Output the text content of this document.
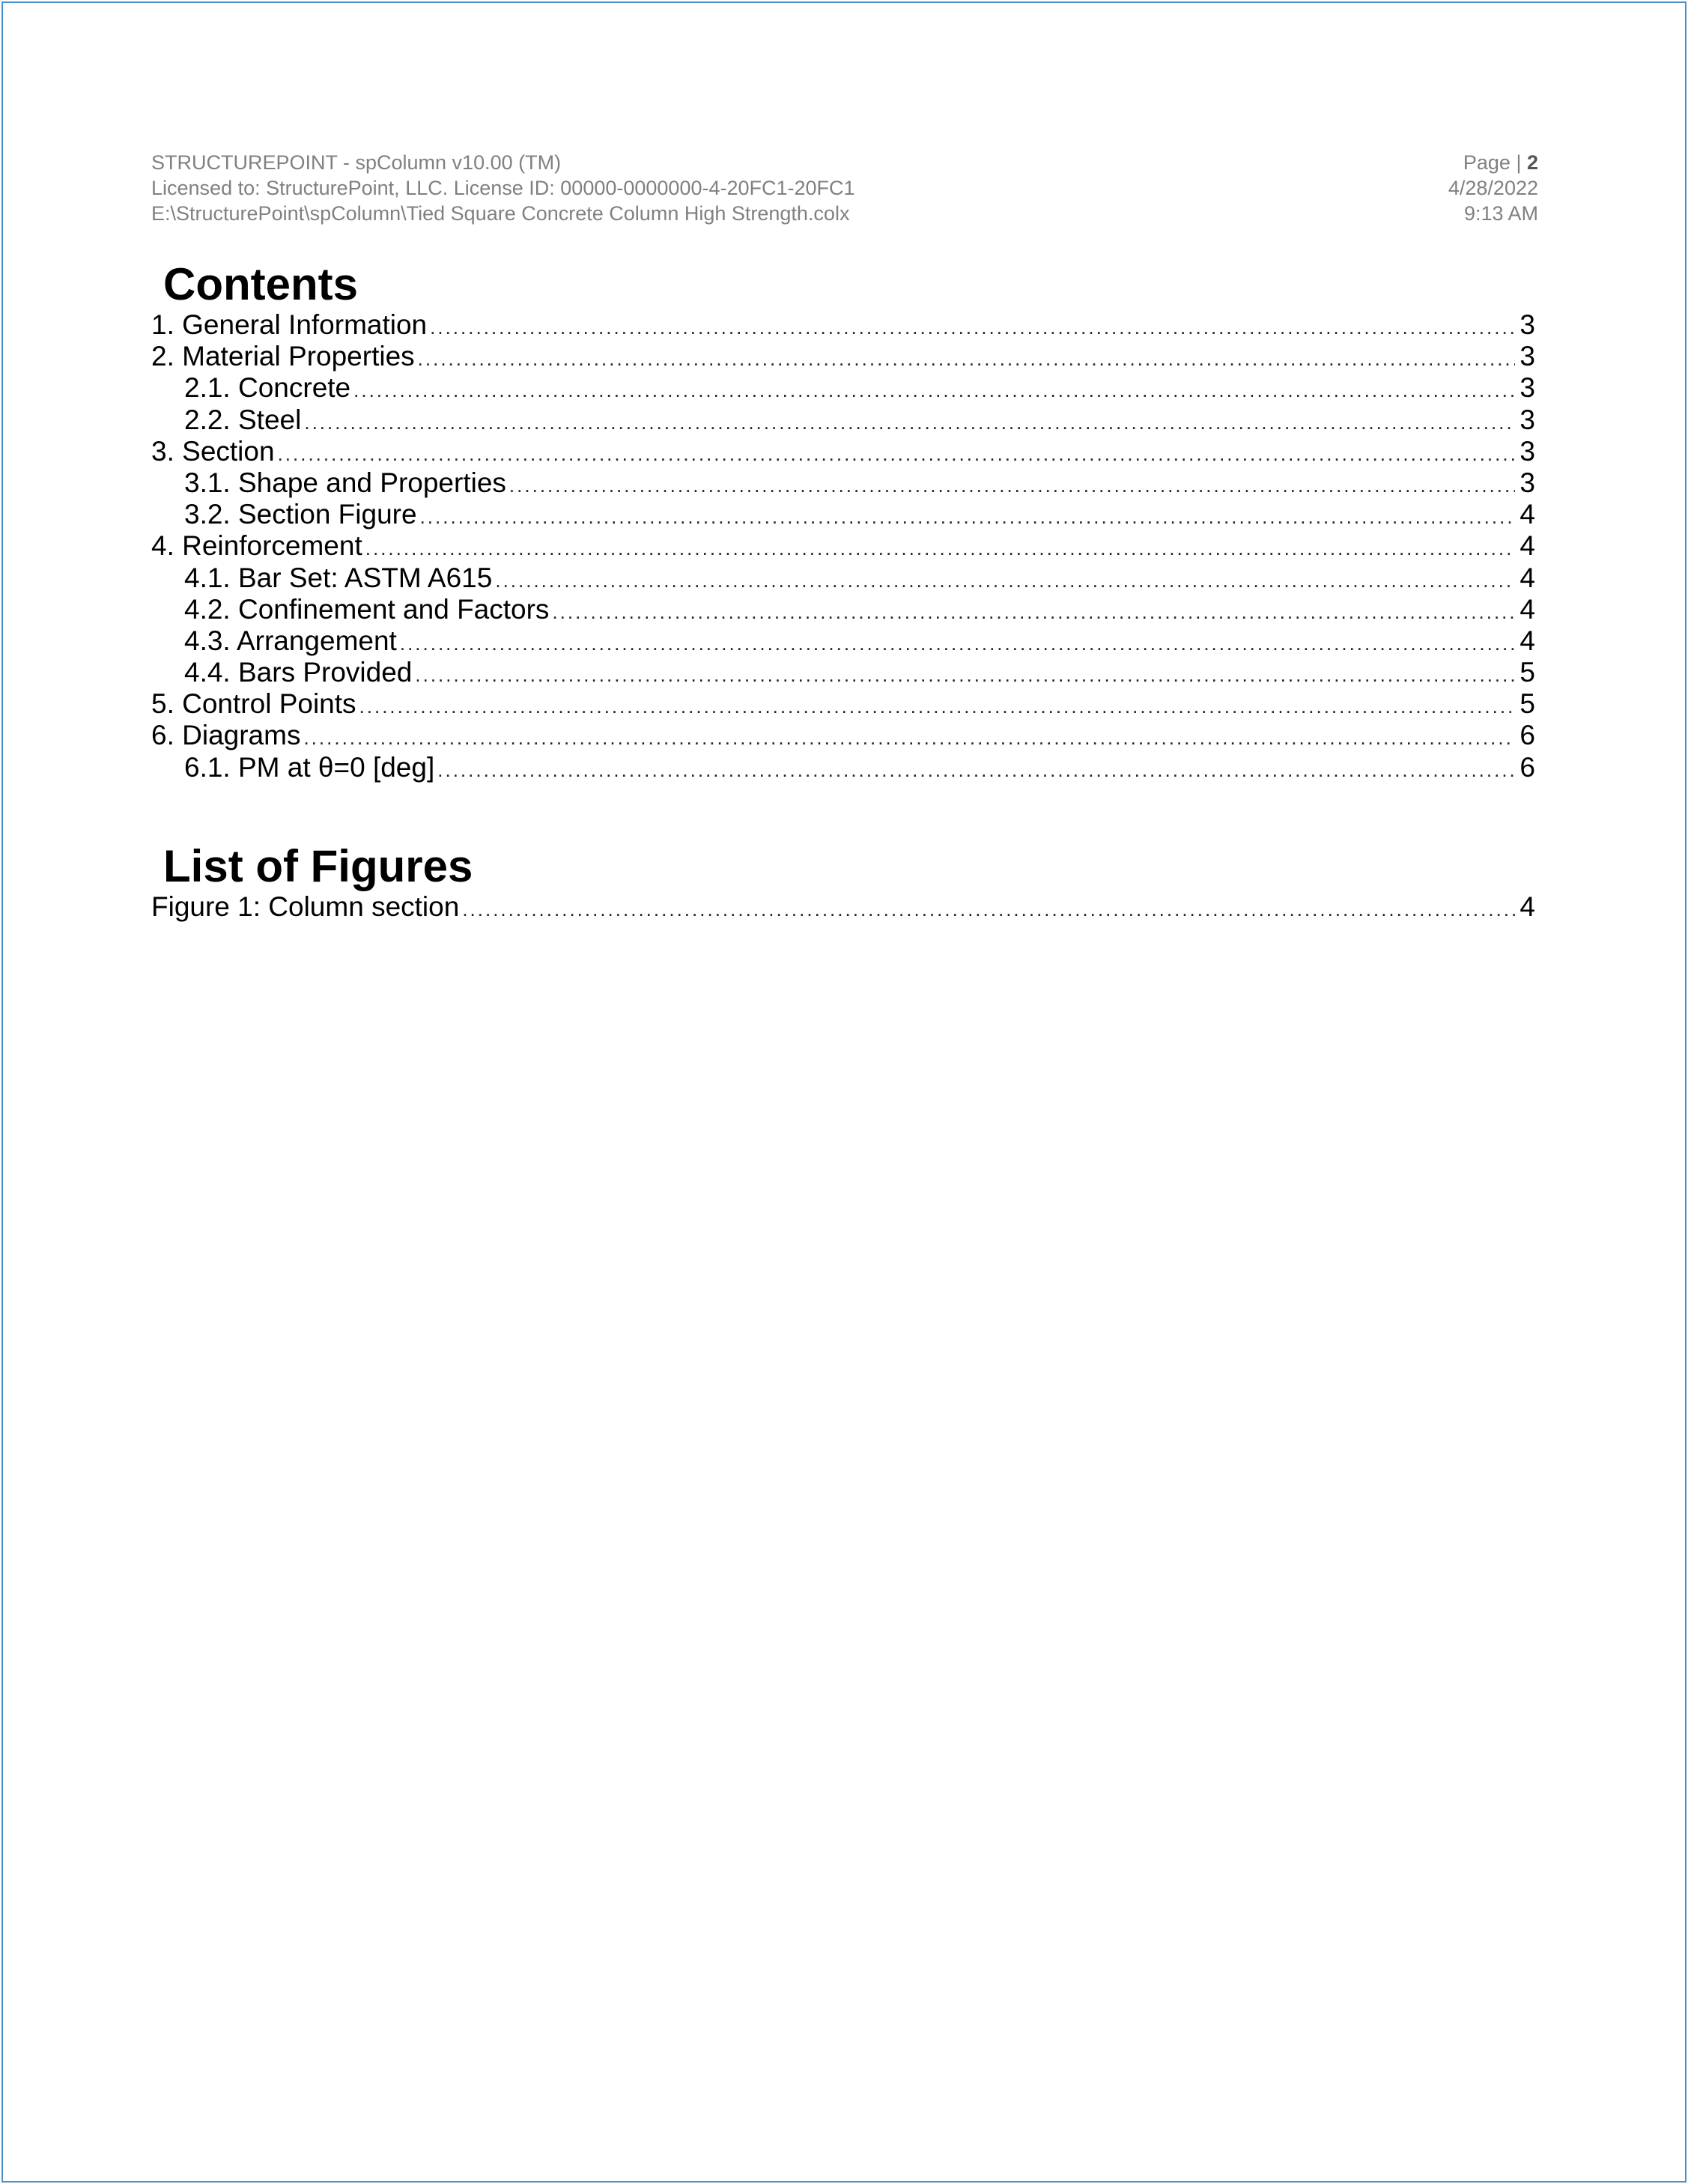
STRUCTUREPOINT - spColumn v10.00 (TM)	Page | 2
Licensed to: StructurePoint, LLC. License ID: 00000-0000000-4-20FC1-20FC1	4/28/2022
E:\StructurePoint\spColumn\Tied Square Concrete Column High Strength.colx	9:13 AM
Contents
1. General Information .....	3
2. Material Properties .....	3
2.1. Concrete .....	3
2.2. Steel .....	3
3. Section .....	3
3.1. Shape and Properties .....	3
3.2. Section Figure .....	4
4. Reinforcement .....	4
4.1. Bar Set: ASTM A615 .....	4
4.2. Confinement and Factors .....	4
4.3. Arrangement .....	4
4.4. Bars Provided .....	5
5. Control Points .....	5
6. Diagrams .....	6
6.1. PM at θ=0 [deg] .....	6
List of Figures
Figure 1: Column section .....	4
